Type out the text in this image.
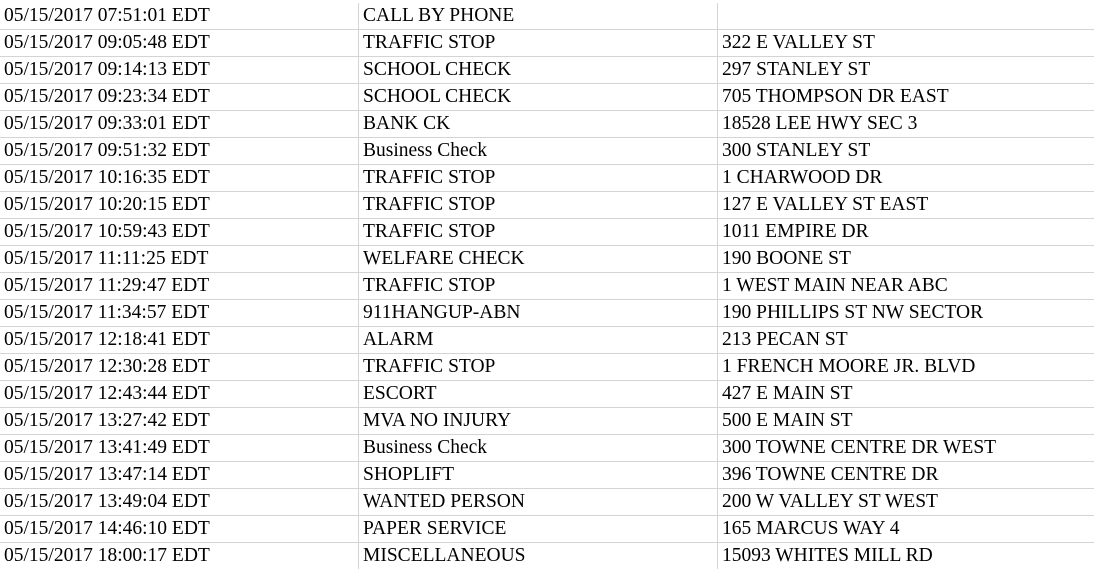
05/15/2017 07:51:01 EDT	CALL BY PHONE
05/15/2017 09:05:48 EDT	TRAFFIC STOP	322 E VALLEY ST
05/15/2017 09:14:13 EDT	SCHOOL CHECK	297 STANLEY ST
05/15/2017 09:23:34 EDT	SCHOOL CHECK	705 THOMPSON DR EAST
05/15/2017 09:33:01 EDT	BANK CK	18528 LEE HWY SEC 3
05/15/2017 09:51:32 EDT	Business Check	300 STANLEY ST
05/15/2017 10:16:35 EDT	TRAFFIC STOP	1 CHARWOOD DR
05/15/2017 10:20:15 EDT	TRAFFIC STOP	127 E VALLEY ST EAST
05/15/2017 10:59:43 EDT	TRAFFIC STOP	1011 EMPIRE DR
05/15/2017 11:11:25 EDT	WELFARE CHECK	190 BOONE ST
05/15/2017 11:29:47 EDT	TRAFFIC STOP	1 WEST MAIN NEAR ABC
05/15/2017 11:34:57 EDT	911HANGUP-ABN	190 PHILLIPS ST NW SECTOR
05/15/2017 12:18:41 EDT	ALARM	213 PECAN ST
05/15/2017 12:30:28 EDT	TRAFFIC STOP	1 FRENCH MOORE JR. BLVD
05/15/2017 12:43:44 EDT	ESCORT	427 E MAIN ST
05/15/2017 13:27:42 EDT	MVA NO INJURY	500 E MAIN ST
05/15/2017 13:41:49 EDT	Business Check	300 TOWNE CENTRE DR WEST
05/15/2017 13:47:14 EDT	SHOPLIFT	396 TOWNE CENTRE DR
05/15/2017 13:49:04 EDT	WANTED PERSON	200 W VALLEY ST WEST
05/15/2017 14:46:10 EDT	PAPER SERVICE	165 MARCUS WAY 4
05/15/2017 18:00:17 EDT	MISCELLANEOUS	15093 WHITES MILL RD
